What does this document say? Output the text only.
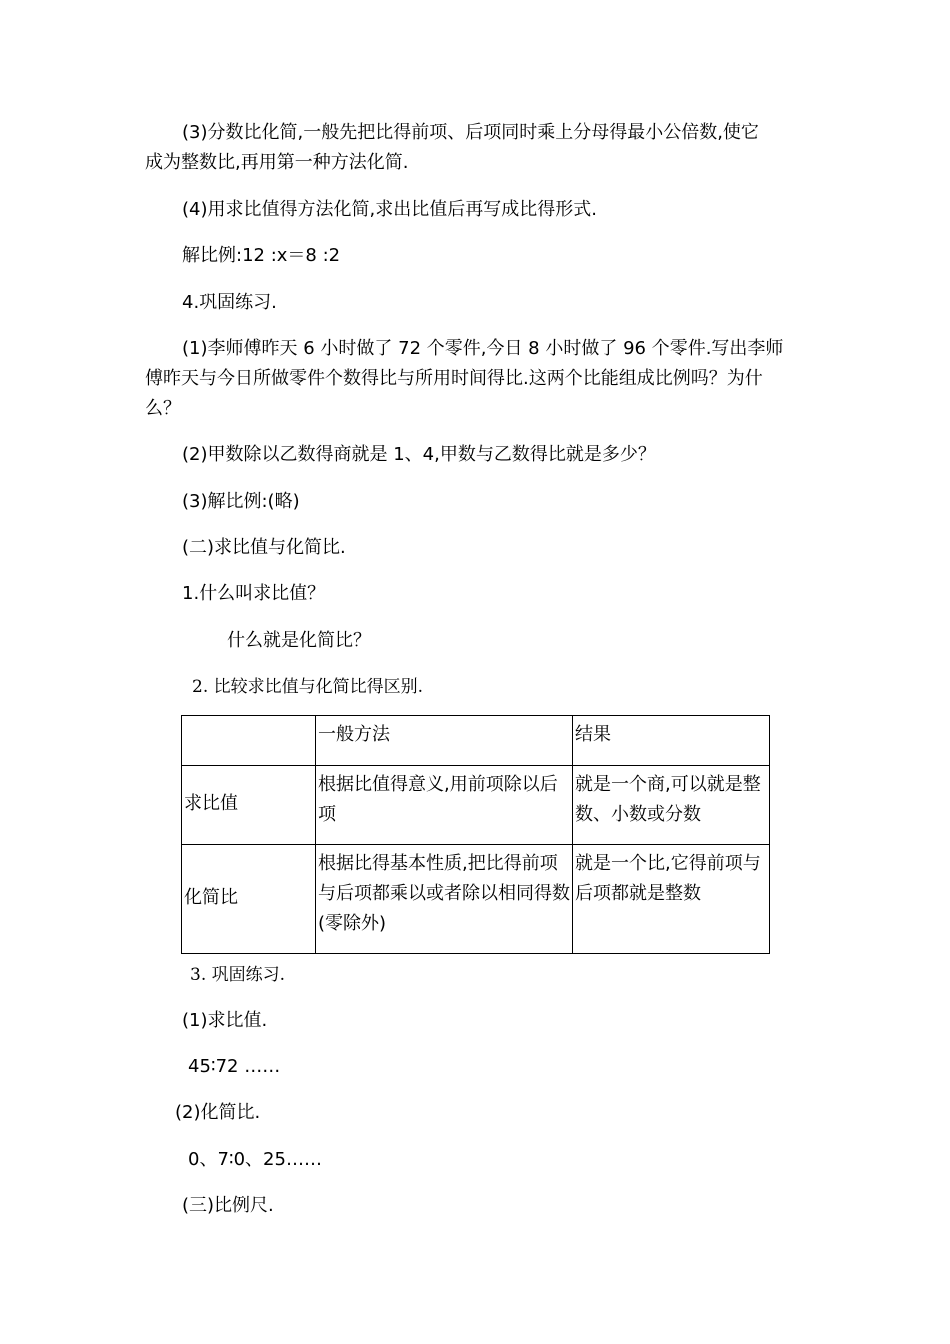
(3)分数比化简,一般先把比得前项、后项同时乘上分母得最小公倍数,使它
成为整数比,再用第一种方法化简.
(4)用求比值得方法化简,求出比值后再写成比得形式.
解比例:12 :x＝8 :2
4.巩固练习.
(1)李师傅昨天 6 小时做了 72 个零件,今日 8 小时做了 96 个零件.写出李师
傅昨天与今日所做零件个数得比与所用时间得比.这两个比能组成比例吗？为什
么？
(2)甲数除以乙数得商就是 1、4,甲数与乙数得比就是多少？
(3)解比例:(略)
(二)求比值与化简比.
1.什么叫求比值？
什么就是化简比？
2. 比较求比值与化简比得区别.
	一般方法	结果
求比值	根据比值得意义,用前项除以后项	就是一个商,可以就是整数、小数或分数
化简比	根据比得基本性质,把比得前项与后项都乘以或者除以相同得数(零除外)	就是一个比,它得前项与后项都就是整数
3. 巩固练习.
(1)求比值.
45∶72 ……
(2)化简比.
0、7∶0、25……
(三)比例尺.
